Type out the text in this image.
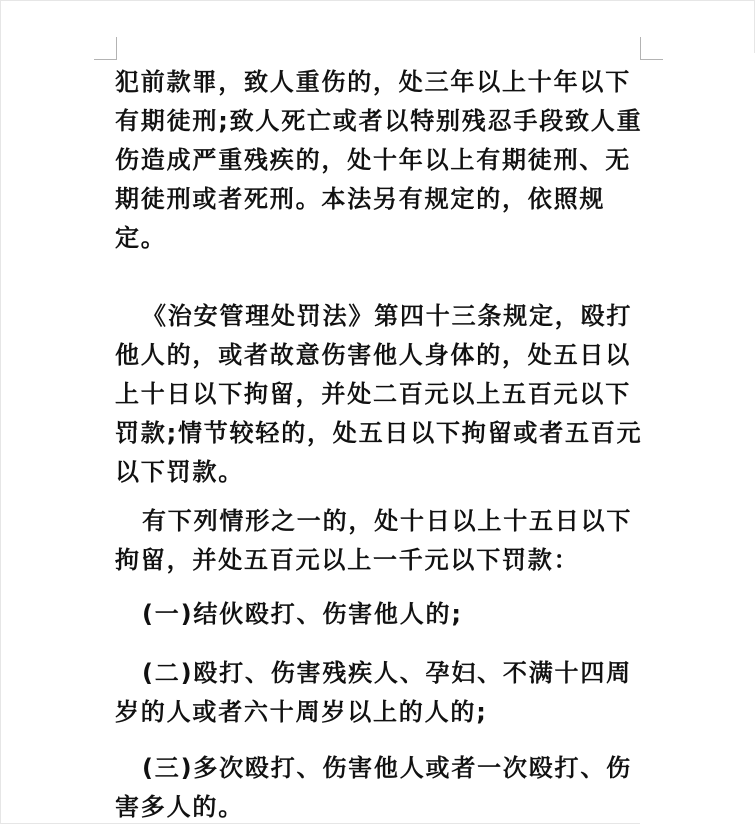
犯前款罪，致人重伤的，处三年以上十年以下有期徒刑;致人死亡或者以特别残忍手段致人重伤造成严重残疾的，处十年以上有期徒刑、无期徒刑或者死刑。本法另有规定的，依照规定。

《治安管理处罚法》第四十三条规定，殴打他人的，或者故意伤害他人身体的，处五日以上十日以下拘留，并处二百元以上五百元以下罚款;情节较轻的，处五日以下拘留或者五百元以下罚款。

有下列情形之一的，处十日以上十五日以下拘留，并处五百元以上一千元以下罚款：

(一)结伙殴打、伤害他人的;

(二)殴打、伤害残疾人、孕妇、不满十四周岁的人或者六十周岁以上的人的;

(三)多次殴打、伤害他人或者一次殴打、伤害多人的。
